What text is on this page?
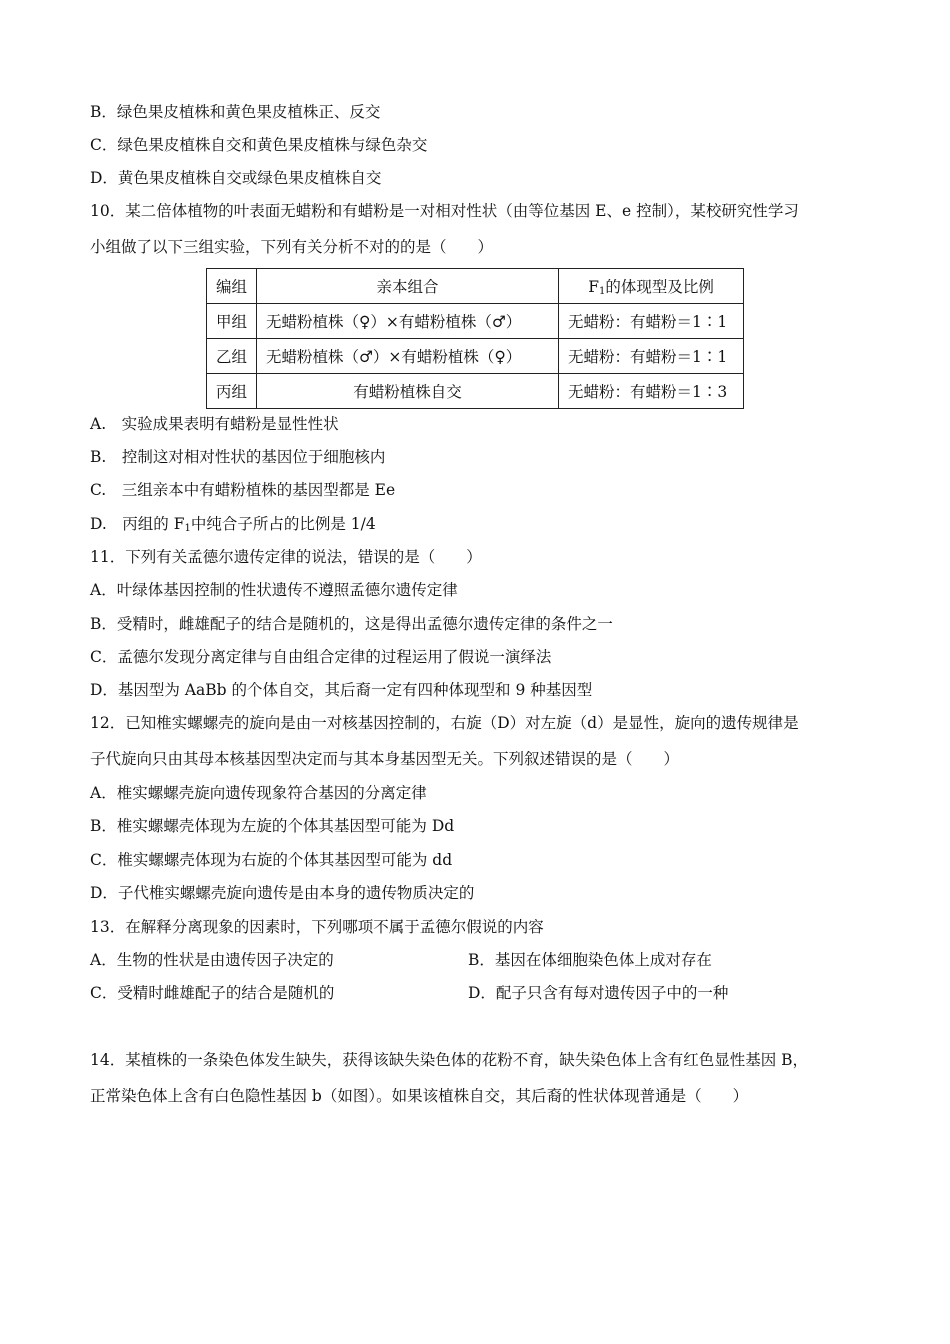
B．绿色果皮植株和黄色果皮植株正、反交
C．绿色果皮植株自交和黄色果皮植株与绿色杂交
D．黄色果皮植株自交或绿色果皮植株自交
10．某二倍体植物的叶表面无蜡粉和有蜡粉是一对相对性状（由等位基因 E、e 控制），某校研究性学习
小组做了以下三组实验，下列有关分析不对的的是（　　）
编组	亲本组合	$F_1$的体现型及比例
甲组	无蜡粉植株（♀）×有蜡粉植株（♂）	无蜡粉：有蜡粉＝1∶1
乙组	无蜡粉植株（♂）×有蜡粉植株（♀）	无蜡粉：有蜡粉＝1∶1
丙组	有蜡粉植株自交	无蜡粉：有蜡粉＝1∶3
A.　实验成果表明有蜡粉是显性性状
B.　控制这对相对性状的基因位于细胞核内
C.　三组亲本中有蜡粉植株的基因型都是 Ee
D.　丙组的 $F_1$中纯合子所占的比例是 1/4
11．下列有关孟德尔遗传定律的说法，错误的是（　　）
A．叶绿体基因控制的性状遗传不遵照孟德尔遗传定律
B．受精时，雌雄配子的结合是随机的，这是得出孟德尔遗传定律的条件之一
C．孟德尔发现分离定律与自由组合定律的过程运用了假说一演绎法
D．基因型为 AaBb 的个体自交，其后裔一定有四种体现型和 9 种基因型
12．已知椎实螺螺壳的旋向是由一对核基因控制的，右旋（D）对左旋（d）是显性，旋向的遗传规律是
子代旋向只由其母本核基因型决定而与其本身基因型无关。下列叙述错误的是（　　）
A．椎实螺螺壳旋向遗传现象符合基因的分离定律
B．椎实螺螺壳体现为左旋的个体其基因型可能为 Dd
C．椎实螺螺壳体现为右旋的个体其基因型可能为 dd
D．子代椎实螺螺壳旋向遗传是由本身的遗传物质决定的
13．在解释分离现象的因素时，下列哪项不属于孟德尔假说的内容
A．生物的性状是由遗传因子决定的	B．基因在体细胞染色体上成对存在
C．受精时雌雄配子的结合是随机的	D．配子只含有每对遗传因子中的一种
14．某植株的一条染色体发生缺失，获得该缺失染色体的花粉不育，缺失染色体上含有红色显性基因 B，
正常染色体上含有白色隐性基因 b（如图）。如果该植株自交，其后裔的性状体现普通是（　　）
